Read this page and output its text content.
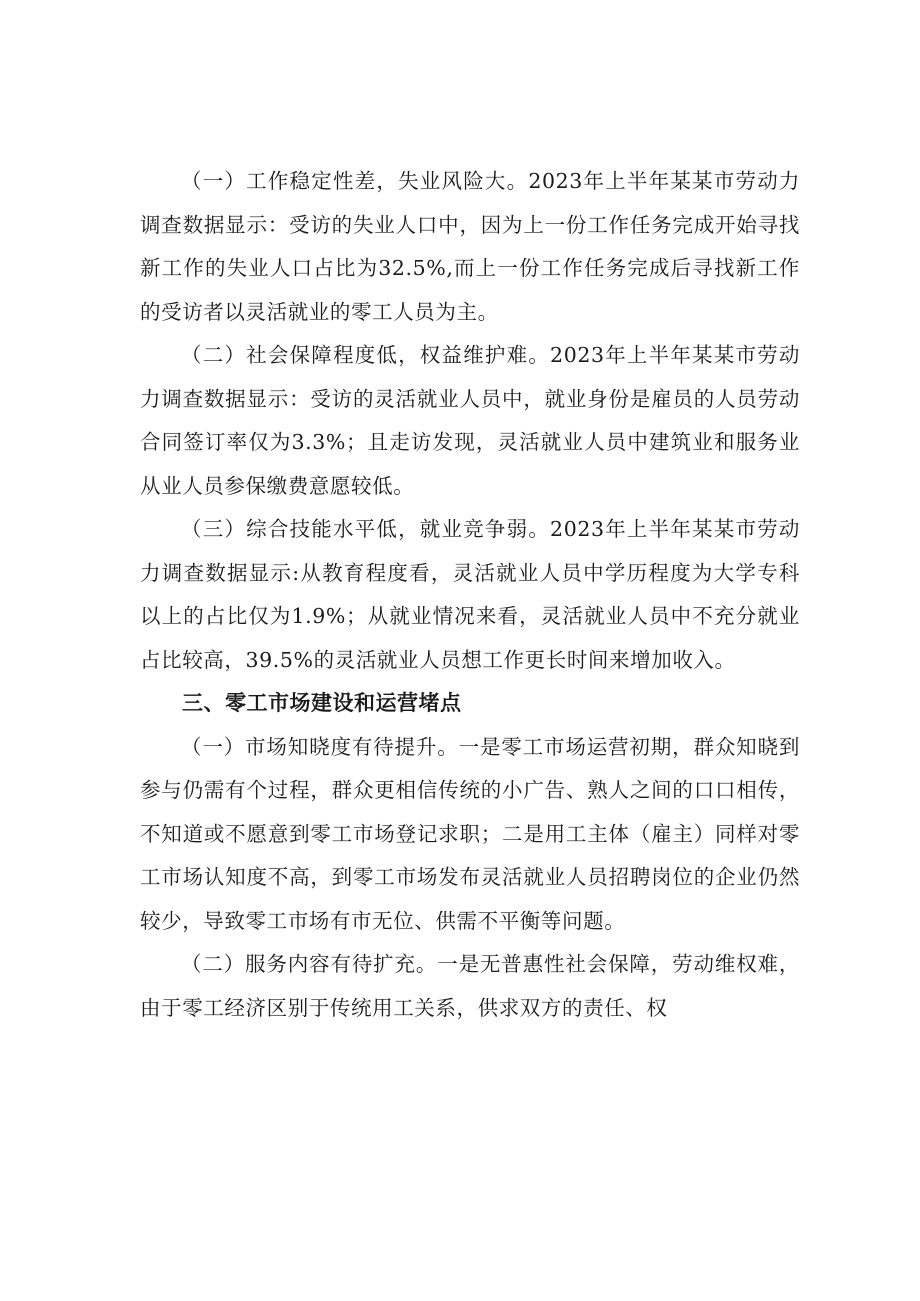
（一）工作稳定性差，失业风险大。2023年上半年某某市劳动力调查数据显示：受访的失业人口中，因为上一份工作任务完成开始寻找新工作的失业人口占比为32.5%,而上一份工作任务完成后寻找新工作的受访者以灵活就业的零工人员为主。

（二）社会保障程度低，权益维护难。2023年上半年某某市劳动力调查数据显示：受访的灵活就业人员中，就业身份是雇员的人员劳动合同签订率仅为3.3%；且走访发现，灵活就业人员中建筑业和服务业从业人员参保缴费意愿较低。

（三）综合技能水平低，就业竞争弱。2023年上半年某某市劳动力调查数据显示:从教育程度看，灵活就业人员中学历程度为大学专科以上的占比仅为1.9%；从就业情况来看，灵活就业人员中不充分就业占比较高，39.5%的灵活就业人员想工作更长时间来增加收入。

三、零工市场建设和运营堵点

（一）市场知晓度有待提升。一是零工市场运营初期，群众知晓到参与仍需有个过程，群众更相信传统的小广告、熟人之间的口口相传，不知道或不愿意到零工市场登记求职；二是用工主体（雇主）同样对零工市场认知度不高，到零工市场发布灵活就业人员招聘岗位的企业仍然较少，导致零工市场有市无位、供需不平衡等问题。

（二）服务内容有待扩充。一是无普惠性社会保障，劳动维权难，由于零工经济区别于传统用工关系，供求双方的责任、权
